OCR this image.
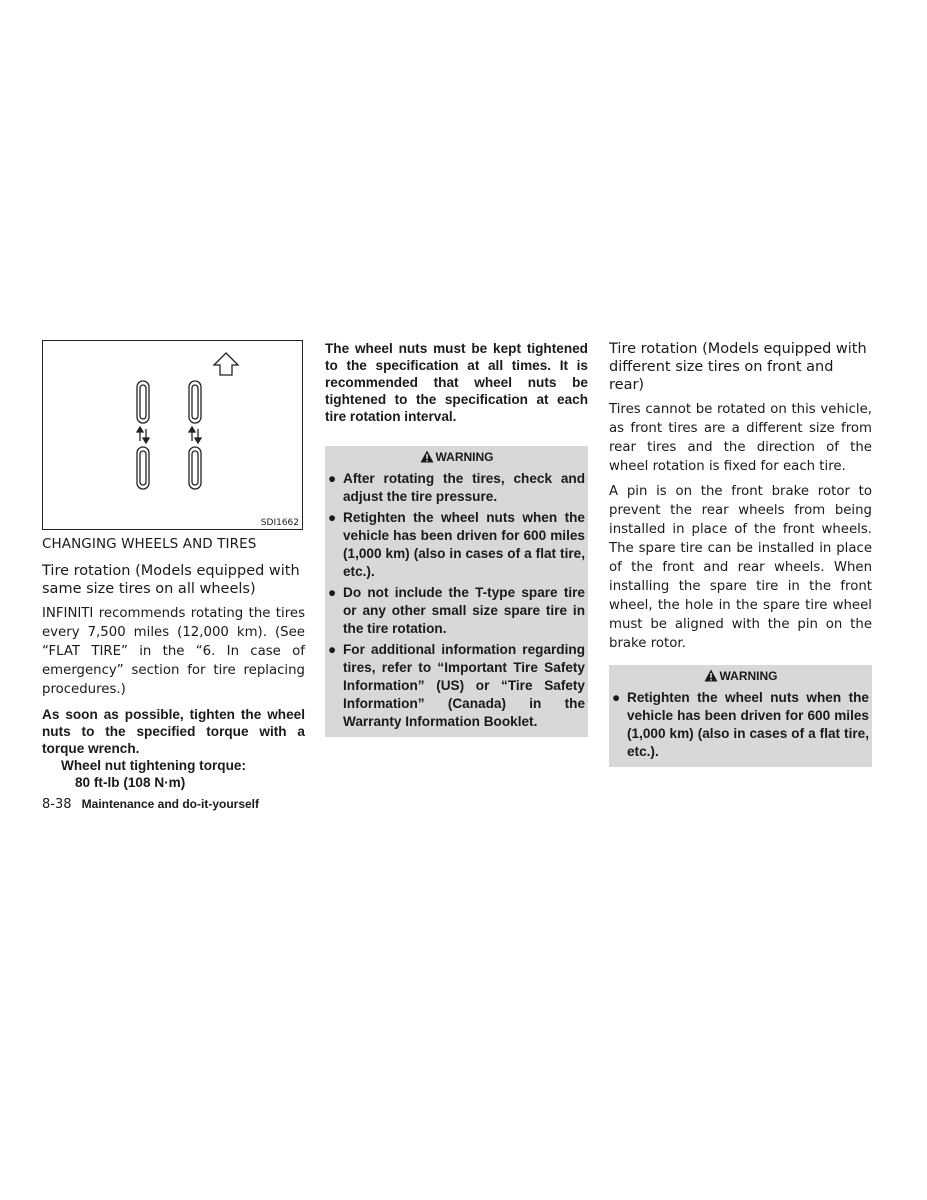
SDI1662
CHANGING WHEELS AND TIRES
Tire rotation (Models equipped with same size tires on all wheels)
INFINITI recommends rotating the tires every 7,500 miles (12,000 km). (See “FLAT TIRE” in the “6. In case of emergency” section for tire replacing procedures.)
As soon as possible, tighten the wheel nuts to the specified torque with a torque wrench.
Wheel nut tightening torque:
80 ft-lb (108 N·m)
The wheel nuts must be kept tightened to the specification at all times. It is recommended that wheel nuts be tightened to the specification at each tire rotation interval.
WARNING
● After rotating the tires, check and adjust the tire pressure.
● Retighten the wheel nuts when the vehicle has been driven for 600 miles (1,000 km) (also in cases of a flat tire, etc.).
● Do not include the T-type spare tire or any other small size spare tire in the tire rotation.
● For additional information regarding tires, refer to “Important Tire Safety Information” (US) or “Tire Safety Information” (Canada) in the Warranty Information Booklet.
Tire rotation (Models equipped with different size tires on front and rear)
Tires cannot be rotated on this vehicle, as front tires are a different size from rear tires and the direction of the wheel rotation is fixed for each tire.
A pin is on the front brake rotor to prevent the rear wheels from being installed in place of the front wheels. The spare tire can be installed in place of the front and rear wheels. When installing the spare tire in the front wheel, the hole in the spare tire wheel must be aligned with the pin on the brake rotor.
WARNING
● Retighten the wheel nuts when the vehicle has been driven for 600 miles (1,000 km) (also in cases of a flat tire, etc.).
8-38 Maintenance and do-it-yourself
